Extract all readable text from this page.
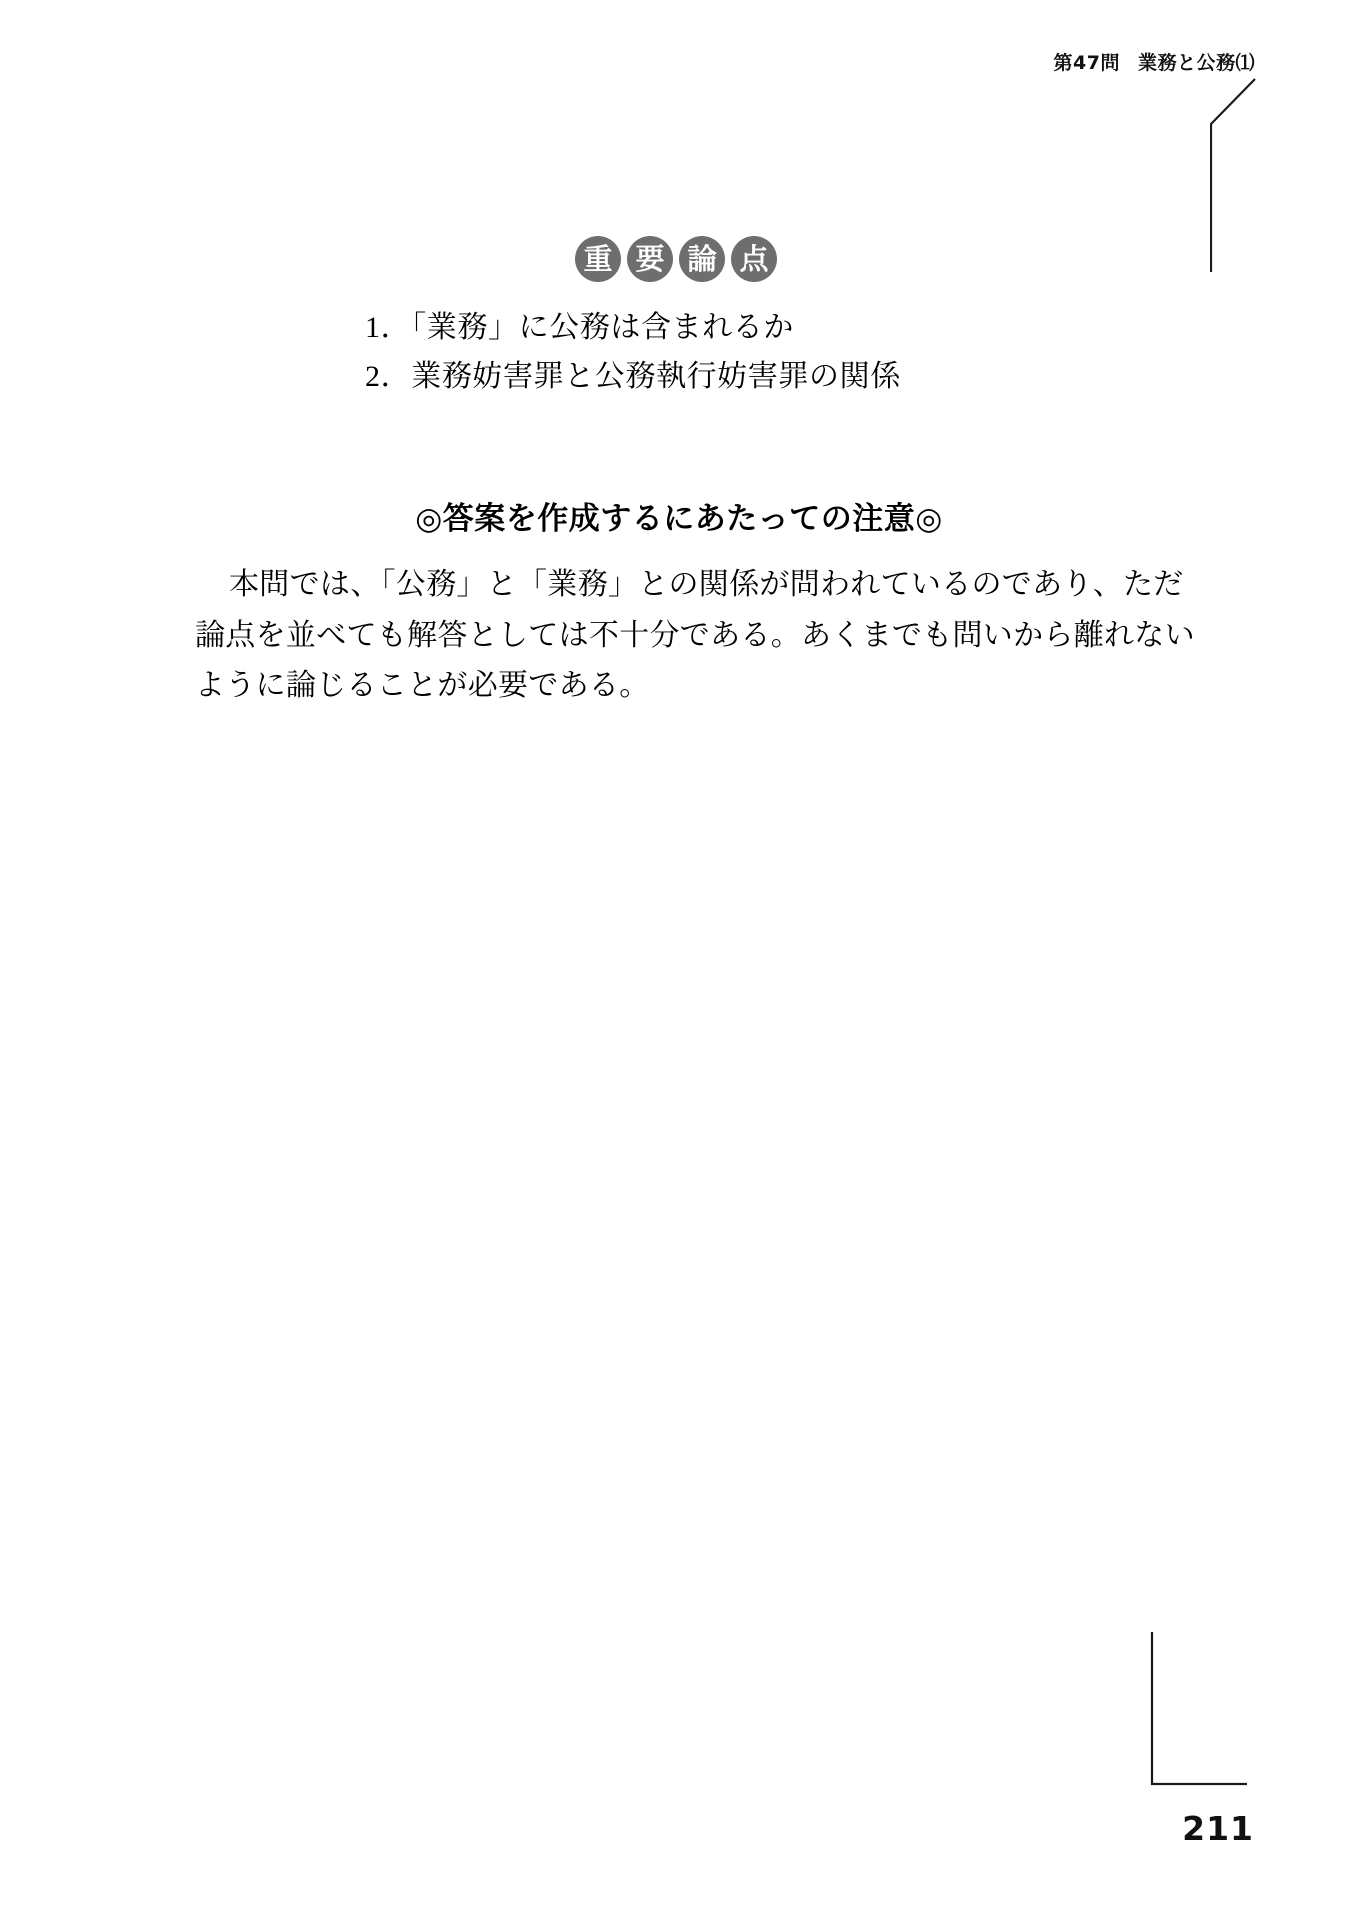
第47問 業務と公務⑴
重 要 論 点
1．「業務」に公務は含まれるか
2．業務妨害罪と公務執行妨害罪の関係
◎答案を作成するにあたっての注意◎

本問では、「公務」と「業務」との関係が問われているのであり、ただ論点を並べても解答としては不十分である。あくまでも問いから離れないように論じることが必要である。

211
